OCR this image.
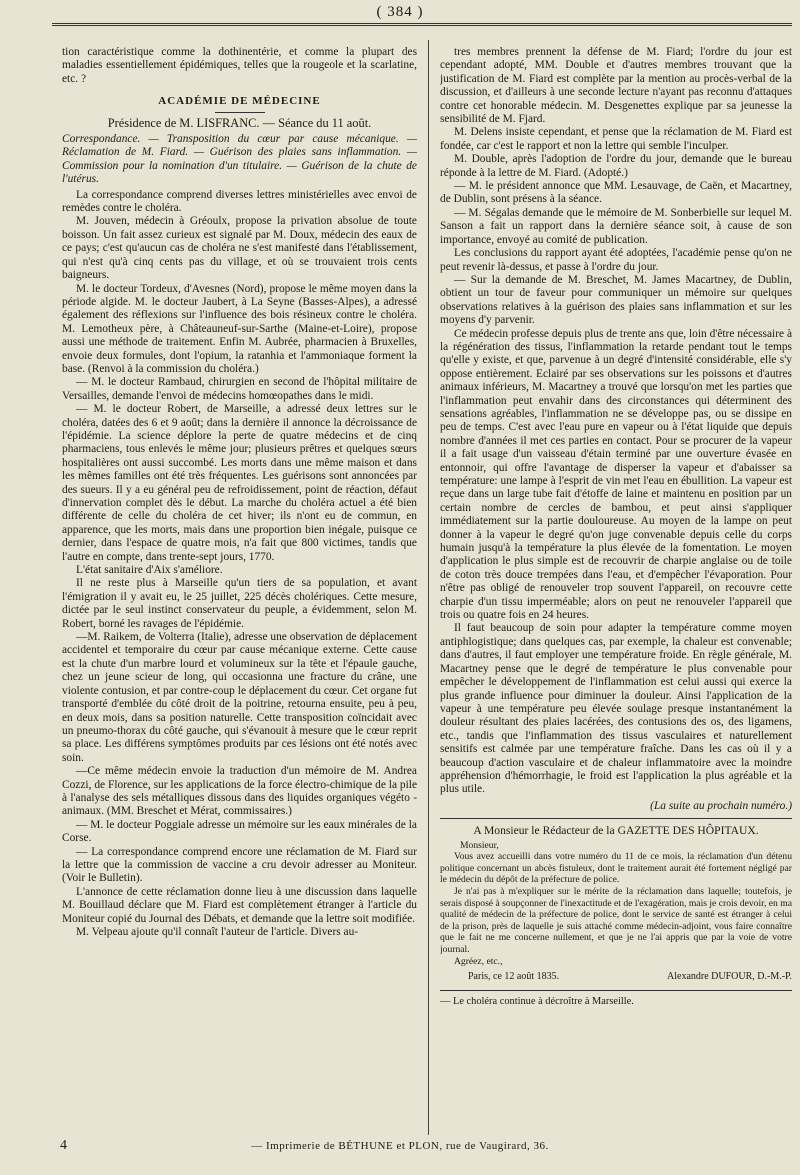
( 384 )

tion caractéristique comme la dothinentérie, et comme la plupart des maladies essentiellement épidémiques, telles que la rougeole et la scarlatine, etc. ?

ACADÉMIE DE MÉDECINE
Présidence de M. LISFRANC. — Séance du 11 août.

Correspondance. — Transposition du cœur par cause mécanique. — Réclamation de M. Fiard. — Guérison des plaies sans inflammation. — Commission pour la nomination d'un titulaire. — Guérison de la chute de l'utérus.

La correspondance comprend diverses lettres ministérielles avec envoi de remèdes contre le choléra.

M. Jouven, médecin à Gréoulx, propose la privation absolue de toute boisson. Un fait assez curieux est signalé par M. Doux, médecin des eaux de ce pays; c'est qu'aucun cas de choléra ne s'est manifesté dans l'établissement, qui n'est qu'à cinq cents pas du village, et où se trouvaient trois cents baigneurs.

M. le docteur Tordeux, d'Avesnes (Nord), propose le même moyen dans la période algide. M. le docteur Jaubert, à La Seyne (Basses-Alpes), a adressé également des réflexions sur l'influence des bois résineux contre le choléra. M. Lemotheux père, à Châteauneuf-sur-Sarthe (Maine-et-Loire), propose aussi une méthode de traitement. Enfin M. Aubrée, pharmacien à Bruxelles, envoie deux formules, dont l'opium, la ratanhia et l'ammoniaque forment la base. (Renvoi à la commission du choléra.)

— M. le docteur Rambaud, chirurgien en second de l'hôpital militaire de Versailles, demande l'envoi de médecins homœopathes dans le midi.

— M. le docteur Robert, de Marseille, a adressé deux lettres sur le choléra, datées des 6 et 9 août; dans la dernière il annonce la décroissance de l'épidémie. La science déplore la perte de quatre médecins et de cinq pharmaciens, tous enlevés le même jour; plusieurs prêtres et quelques sœurs hospitalières ont aussi succombé. Les morts dans une même maison et dans les mêmes familles ont été très fréquentes. Les guérisons sont annoncées par des sueurs. Il y a eu général peu de refroidissement, point de réaction, défaut d'innervation complet dès le début. La marche du choléra actuel a été bien différente de celle du choléra de cet hiver; ils n'ont eu de commun, en apparence, que les morts, mais dans une proportion bien inégale, puisque ce dernier, dans l'espace de quatre mois, n'a fait que 800 victimes, tandis que l'autre en compte, dans trente-sept jours, 1770.

L'état sanitaire d'Aix s'améliore.

Il ne reste plus à Marseille qu'un tiers de sa population, et avant l'émigration il y avait eu, le 25 juillet, 225 décès cholériques. Cette mesure, dictée par le seul instinct conservateur du peuple, a évidemment, selon M. Robert, borné les ravages de l'épidémie.

—M. Raikem, de Volterra (Italie), adresse une observation de déplacement accidentel et temporaire du cœur par cause mécanique externe. Cette cause est la chute d'un marbre lourd et volumineux sur la tête et l'épaule gauche, chez un jeune scieur de long, qui occasionna une fracture du crâne, une violente contusion, et par contre-coup le déplacement du cœur. Cet organe fut transporté d'emblée du côté droit de la poitrine, retourna ensuite, peu à peu, en deux mois, dans sa position naturelle. Cette transposition coïncidait avec un pneumo-thorax du côté gauche, qui s'évanouit à mesure que le cœur reprit sa place. Les différens symptômes produits par ces lésions ont été notés avec soin.

—Ce même médecin envoie la traduction d'un mémoire de M. Andrea Cozzi, de Florence, sur les applications de la force électro-chimique de la pile à l'analyse des sels métalliques dissous dans des liquides organiques végéto - animaux. (MM. Breschet et Mérat, commissaires.)

— M. le docteur Poggiale adresse un mémoire sur les eaux minérales de la Corse.

— La correspondance comprend encore une réclamation de M. Fiard sur la lettre que la commission de vaccine a cru devoir adresser au Moniteur. (Voir le Bulletin).

L'annonce de cette réclamation donne lieu à une discussion dans laquelle M. Bouillaud déclare que M. Fiard est complètement étranger à l'article du Moniteur copié du Journal des Débats, et demande que la lettre soit modifiée.

M. Velpeau ajoute qu'il connaît l'auteur de l'article. Divers au-

tres membres prennent la défense de M. Fiard; l'ordre du jour est cependant adopté, MM. Double et d'autres membres trouvant que la justification de M. Fiard est complète par la mention au procès-verbal de la discussion, et d'ailleurs à une seconde lecture n'ayant pas reconnu d'attaques contre cet honorable médecin. M. Desgenettes explique par sa jeunesse la sensibilité de M. Fjard.

M. Delens insiste cependant, et pense que la réclamation de M. Fiard est fondée, car c'est le rapport et non la lettre qui semble l'inculper.

M. Double, après l'adoption de l'ordre du jour, demande que le bureau réponde à la lettre de M. Fiard. (Adopté.)

— M. le président annonce que MM. Lesauvage, de Caën, et Macartney, de Dublin, sont présens à la séance.

— M. Ségalas demande que le mémoire de M. Sonberbielle sur lequel M. Sanson a fait un rapport dans la dernière séance soit, à cause de son importance, envoyé au comité de publication.

Les conclusions du rapport ayant été adoptées, l'académie pense qu'on ne peut revenir là-dessus, et passe à l'ordre du jour.

— Sur la demande de M. Breschet, M. James Macartney, de Dublin, obtient un tour de faveur pour communiquer un mémoire sur quelques observations relatives à la guérison des plaies sans inflammation et sur les moyens d'y parvenir.

Ce médecin professe depuis plus de trente ans que, loin d'être nécessaire à la régénération des tissus, l'inflammation la retarde pendant tout le temps qu'elle y existe, et que, parvenue à un degré d'intensité considérable, elle s'y oppose entièrement. Eclairé par ses observations sur les poissons et d'autres animaux inférieurs, M. Macartney a trouvé que lorsqu'on met les parties que l'inflammation peut envahir dans des circonstances qui déterminent des sensations agréables, l'inflammation ne se développe pas, ou se dissipe en peu de temps. C'est avec l'eau pure en vapeur ou à l'état liquide que depuis nombre d'années il met ces parties en contact. Pour se procurer de la vapeur il a fait usage d'un vaisseau d'étain terminé par une ouverture évasée en entonnoir, qui offre l'avantage de disperser la vapeur et d'abaisser sa température: une lampe à l'esprit de vin met l'eau en ébullition. La vapeur est reçue dans un large tube fait d'étoffe de laine et maintenu en position par un certain nombre de cercles de bambou, et peut ainsi s'appliquer immédiatement sur la partie douloureuse. Au moyen de la lampe on peut donner à la vapeur le degré qu'on juge convenable depuis celle du corps humain jusqu'à la température la plus élevée de la fomentation. Le moyen d'application le plus simple est de recouvrir de charpie anglaise ou de toile de coton très douce trempées dans l'eau, et d'empêcher l'évaporation. Pour n'être pas obligé de renouveler trop souvent l'appareil, on recouvre cette charpie d'un tissu imperméable; alors on peut ne renouveler l'appareil que trois ou quatre fois en 24 heures.

Il faut beaucoup de soin pour adapter la température comme moyen antiphlogistique; dans quelques cas, par exemple, la chaleur est convenable; dans d'autres, il faut employer une température froide. En règle générale, M. Macartney pense que le degré de température le plus convenable pour empêcher le développement de l'inflammation est celui aussi qui exerce la plus grande influence pour diminuer la douleur. Ainsi l'application de la vapeur à une température peu élevée soulage presque instantanément la douleur résultant des plaies lacérées, des contusions des os, des ligamens, etc., tandis que l'inflammation des tissus vasculaires et naturellement sensitifs est calmée par une température fraîche. Dans les cas où il y a beaucoup d'action vasculaire et de chaleur inflammatoire avec la moindre appréhension d'hémorrhagie, le froid est l'application la plus agréable et la plus utile.

(La suite au prochain numéro.)
A Monsieur le Rédacteur de la GAZETTE DES HÔPITAUX.

Monsieur,

Vous avez accueilli dans votre numéro du 11 de ce mois, la réclamation d'un détenu politique concernant un abcès fistuleux, dont le traitement aurait été fortement négligé par le médecin du dépôt de la préfecture de police.

Je n'ai pas à m'expliquer sur le mérite de la réclamation dans laquelle; toutefois, je serais disposé à soupçonner de l'inexactitude et de l'exagération, mais je crois devoir, en ma qualité de médecin de la préfecture de police, dont le service de santé est étranger à celui de la prison, près de laquelle je suis attaché comme médecin-adjoint, vous faire connaître que le fait ne me concerne nullement, et que je ne l'ai appris que par la voie de votre journal.

Agréez, etc.,

Paris, ce 12 août 1835.	Alexandre DUFOUR, D.-M.-P.
— Le choléra continue à décroître à Marseille.
4	— Imprimerie de BÉTHUNE et PLON, rue de Vaugirard, 36.
